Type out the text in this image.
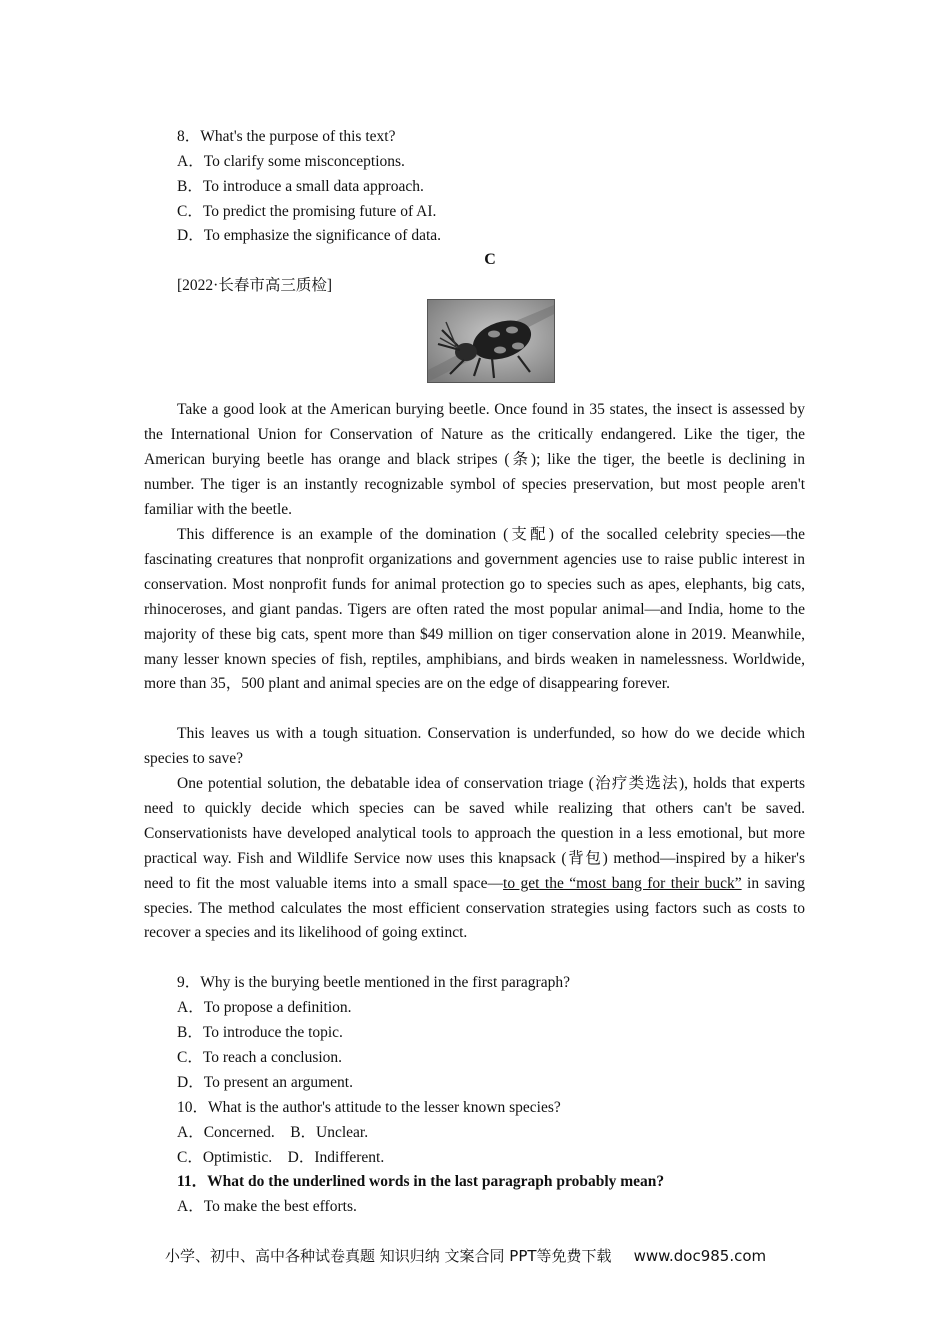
8．What's the purpose of this text?
A．To clarify some misconceptions.
B．To introduce a small data approach.
C．To predict the promising future of AI.
D．To emphasize the significance of data.
C
[2022·长春市高三质检]

Take a good look at the American burying beetle. Once found in 35 states, the insect is assessed by the International Union for Conservation of Nature as the critically endangered. Like the tiger, the American burying beetle has orange and black stripes (条); like the tiger, the beetle is declining in number. The tiger is an instantly recognizable symbol of species preservation, but most people aren't familiar with the beetle.

This difference is an example of the domination (支配) of the socalled celebrity species—the fascinating creatures that nonprofit organizations and government agencies use to raise public interest in conservation. Most nonprofit funds for animal protection go to species such as apes, elephants, big cats, rhinoceroses, and giant pandas. Tigers are often rated the most popular animal—and India, home to the majority of these big cats, spent more than $49 million on tiger conservation alone in 2019. Meanwhile, many lesser known species of fish, reptiles, amphibians, and birds weaken in namelessness. Worldwide, more than 35，500 plant and animal species are on the edge of disappearing forever.

This leaves us with a tough situation. Conservation is underfunded, so how do we decide which species to save?

One potential solution, the debatable idea of conservation triage (治疗类选法), holds that experts need to quickly decide which species can be saved while realizing that others can't be saved. Conservationists have developed analytical tools to approach the question in a less emotional, but more practical way. Fish and Wildlife Service now uses this knapsack (背包) method—inspired by a hiker's need to fit the most valuable items into a small space—to get the “most bang for their buck” in saving species. The method calculates the most efficient conservation strategies using factors such as costs to recover a species and its likelihood of going extinct.

9．Why is the burying beetle mentioned in the first paragraph?
A．To propose a definition.
B．To introduce the topic.
C．To reach a conclusion.
D．To present an argument.
10．What is the author's attitude to the lesser known species?
A．Concerned.　B．Unclear.
C．Optimistic.　D．Indifferent.
11．What do the underlined words in the last paragraph probably mean?
A．To make the best efforts.
小学、初中、高中各种试卷真题 知识归纳 文案合同 PPT等免费下载 www.doc985.com
